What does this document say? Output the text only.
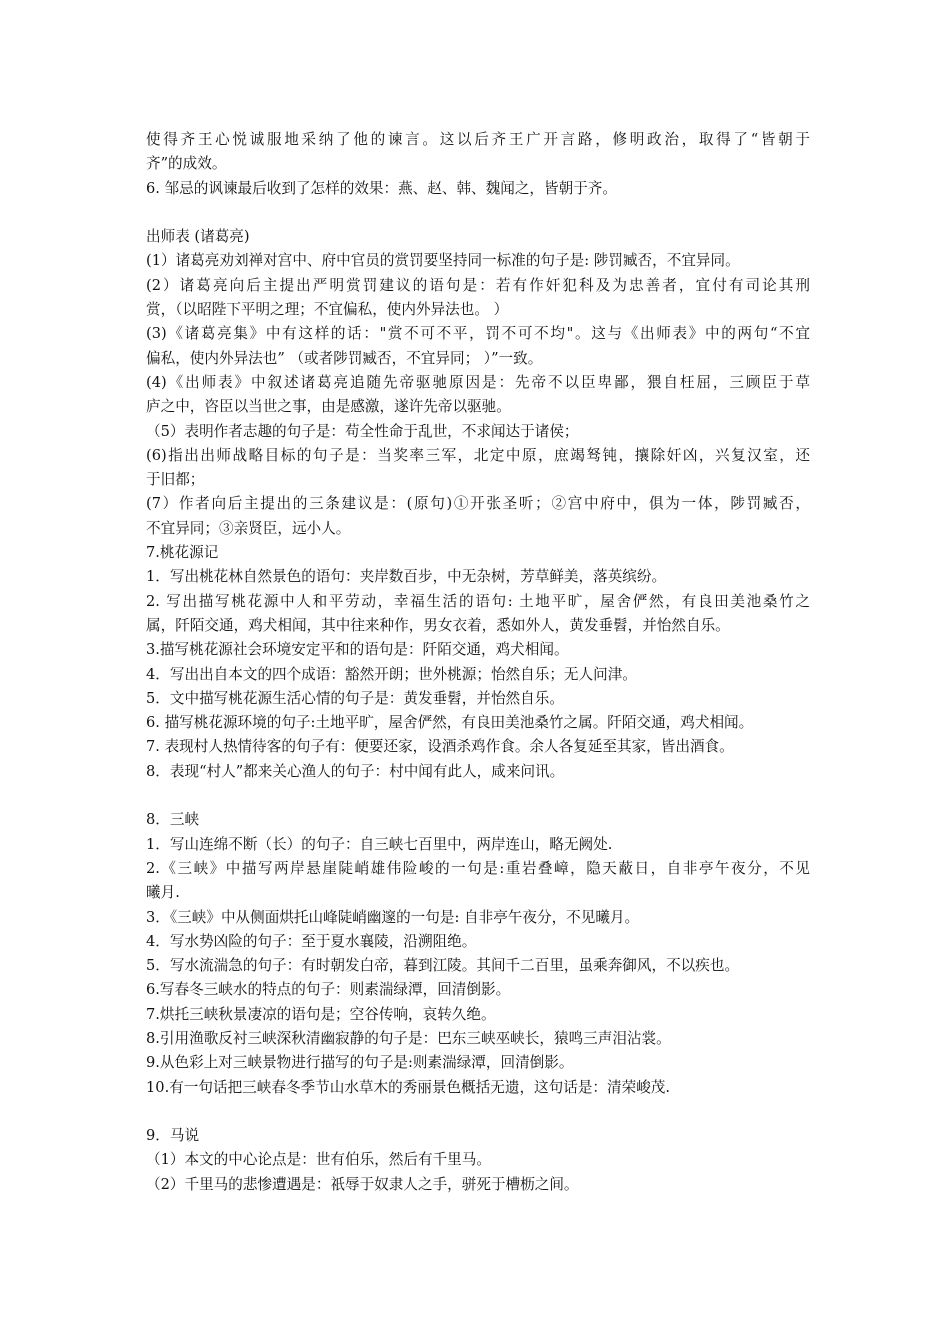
使得齐王心悦诚服地采纳了他的谏言。这以后齐王广开言路，修明政治，取得了“皆朝于
齐”的成效。
6. 邹忌的讽谏最后收到了怎样的效果：燕、赵、韩、魏闻之，皆朝于齐。
出师表 (诸葛亮)
(1）诸葛亮劝刘禅对宫中、府中官员的赏罚要坚持同一标准的句子是: 陟罚臧否，不宜异同。
(2）诸葛亮向后主提出严明赏罚建议的语句是：若有作奸犯科及为忠善者，宜付有司论其刑
赏，（以昭陛下平明之理；不宜偏私，使内外异法也。 ）
(3)《诸葛亮集》中有这样的话："赏不可不平，罚不可不均"。这与《出师表》中的两句“不宜
偏私，使内外异法也” （或者陟罚臧否，不宜异同； ）”一致。
(4)《出师表》中叙述诸葛亮追随先帝驱驰原因是：先帝不以臣卑鄙，猥自枉屈，三顾臣于草
庐之中，咨臣以当世之事，由是感激，遂许先帝以驱驰。
（5）表明作者志趣的句子是：苟全性命于乱世，不求闻达于诸侯；
(6)指出出师战略目标的句子是：当奖率三军，北定中原，庶竭驽钝，攘除奸凶，兴复汉室，还
于旧都；
(7）作者向后主提出的三条建议是：(原句)①开张圣听；②宫中府中，俱为一体，陟罚臧否，
不宜异同；③亲贤臣，远小人。
7.桃花源记
1．写出桃花林自然景色的语句：夹岸数百步，中无杂树，芳草鲜美，落英缤纷。
2. 写出描写桃花源中人和平劳动，幸福生活的语句: 土地平旷，屋舍俨然，有良田美池桑竹之
属，阡陌交通，鸡犬相闻，其中往来种作，男女衣着，悉如外人，黄发垂髫，并怡然自乐。
3.描写桃花源社会环境安定平和的语句是：阡陌交通，鸡犬相闻。
4．写出出自本文的四个成语：豁然开朗；世外桃源；怡然自乐；无人问津。
5．文中描写桃花源生活心情的句子是：黄发垂髫，并怡然自乐。
6. 描写桃花源环境的句子:土地平旷，屋舍俨然，有良田美池桑竹之属。阡陌交通，鸡犬相闻。
7. 表现村人热情待客的句子有：便要还家，设酒杀鸡作食。余人各复延至其家，皆出酒食。
8．表现“村人”都来关心渔人的句子：村中闻有此人，咸来问讯。
8．三峡
1．写山连绵不断（长）的句子：自三峡七百里中，两岸连山，略无阙处.
2.《三峡》中描写两岸悬崖陡峭雄伟险峻的一句是:重岩叠嶂，隐天蔽日，自非亭午夜分，不见
曦月.
3．《三峡》中从侧面烘托山峰陡峭幽邃的一句是: 自非亭午夜分，不见曦月。
4．写水势凶险的句子：至于夏水襄陵，沿溯阻绝。
5．写水流湍急的句子：有时朝发白帝，暮到江陵。其间千二百里，虽乘奔御风，不以疾也。
6.写春冬三峡水的特点的句子：则素湍绿潭，回清倒影。
7.烘托三峡秋景凄凉的语句是；空谷传响，哀转久绝。
8.引用渔歌反衬三峡深秋清幽寂静的句子是：巴东三峡巫峡长，猿鸣三声泪沾裳。
9.从色彩上对三峡景物进行描写的句子是:则素湍绿潭，回清倒影。
10.有一句话把三峡春冬季节山水草木的秀丽景色概括无遗，这句话是：清荣峻茂.
9．马说
（1）本文的中心论点是：世有伯乐，然后有千里马。
（2）千里马的悲惨遭遇是：祇辱于奴隶人之手，骈死于槽枥之间。
